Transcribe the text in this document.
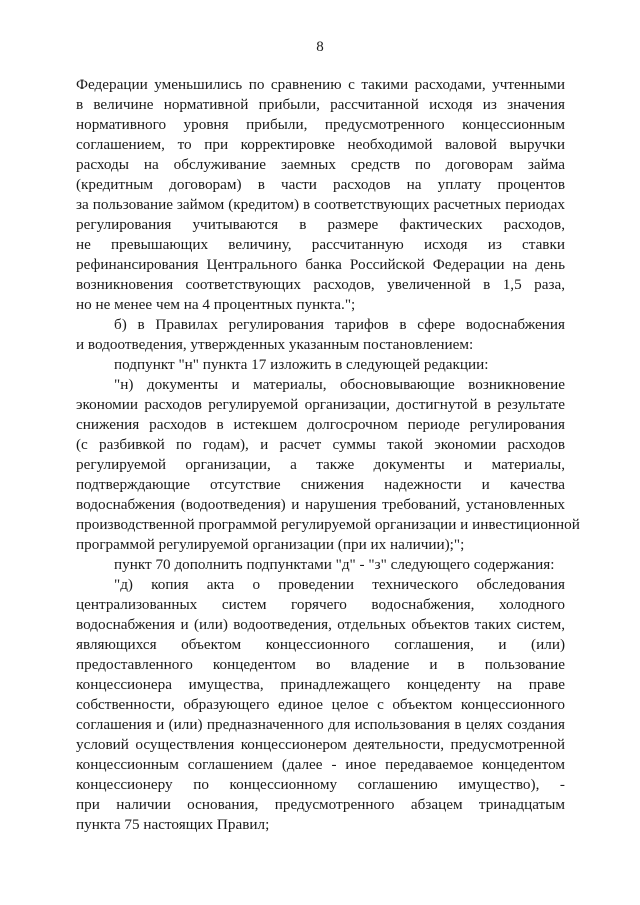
8
Федерации уменьшились по сравнению с такими расходами, учтенными
в величине нормативной прибыли, рассчитанной исходя из значения
нормативного уровня прибыли, предусмотренного концессионным
соглашением, то при корректировке необходимой валовой выручки
расходы на обслуживание заемных средств по договорам займа
(кредитным договорам) в части расходов на уплату процентов
за пользование займом (кредитом) в соответствующих расчетных периодах
регулирования учитываются в размере фактических расходов,
не превышающих величину, рассчитанную исходя из ставки
рефинансирования Центрального банка Российской Федерации на день
возникновения соответствующих расходов, увеличенной в 1,5 раза,
но не менее чем на 4 процентных пункта.";
б) в Правилах регулирования тарифов в сфере водоснабжения
и водоотведения, утвержденных указанным постановлением:
подпункт "н" пункта 17 изложить в следующей редакции:
"н) документы и материалы, обосновывающие возникновение
экономии расходов регулируемой организации, достигнутой в результате
снижения расходов в истекшем долгосрочном периоде регулирования
(с разбивкой по годам), и расчет суммы такой экономии расходов
регулируемой организации, а также документы и материалы,
подтверждающие отсутствие снижения надежности и качества
водоснабжения (водоотведения) и нарушения требований, установленных
производственной программой регулируемой организации и инвестиционной
программой регулируемой организации (при их наличии);";
пункт 70 дополнить подпунктами "д" - "з" следующего содержания:
"д) копия акта о проведении технического обследования
централизованных систем горячего водоснабжения, холодного
водоснабжения и (или) водоотведения, отдельных объектов таких систем,
являющихся объектом концессионного соглашения, и (или)
предоставленного концедентом во владение и в пользование
концессионера имущества, принадлежащего концеденту на праве
собственности, образующего единое целое с объектом концессионного
соглашения и (или) предназначенного для использования в целях создания
условий осуществления концессионером деятельности, предусмотренной
концессионным соглашением (далее - иное передаваемое концедентом
концессионеру по концессионному соглашению имущество), -
при наличии основания, предусмотренного абзацем тринадцатым
пункта 75 настоящих Правил;
